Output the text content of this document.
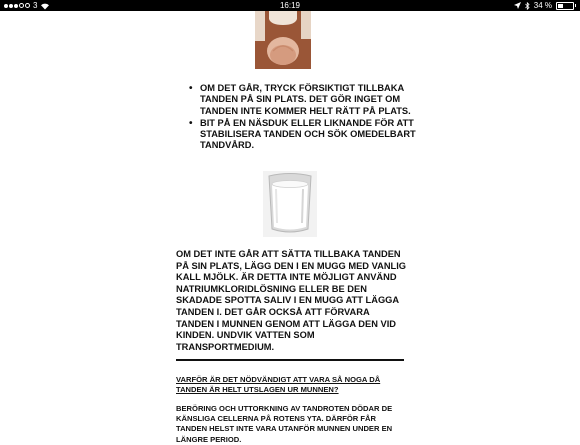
3	16:19	34 %
• OM DET GÅR, TRYCK FÖRSIKTIGT TILLBAKA TANDEN PÅ SIN PLATS. DET GÖR INGET OM TANDEN INTE KOMMER HELT RÄTT PÅ PLATS.
• BIT PÅ EN NÄSDUK ELLER LIKNANDE FÖR ATT STABILISERA TANDEN OCH SÖK OMEDELBART TANDVÅRD.
OM DET INTE GÅR ATT SÄTTA TILLBAKA TANDEN PÅ SIN PLATS, LÄGG DEN I EN MUGG MED VANLIG KALL MJÖLK. ÄR DETTA INTE MÖJLIGT ANVÄND NATRIUMKLORIDLÖSNING ELLER BE DEN SKADADE SPOTTA SALIV I EN MUGG ATT LÄGGA TANDEN I. DET GÅR OCKSÅ ATT FÖRVARA TANDEN I MUNNEN GENOM ATT LÄGGA DEN VID KINDEN. UNDVIK VATTEN SOM TRANSPORTMEDIUM.
VARFÖR ÄR DET NÖDVÄNDIGT ATT VARA SÅ NOGA DÅ TANDEN ÄR HELT UTSLAGEN UR MUNNEN?
BERÖRING OCH UTTORKNING AV TANDROTEN DÖDAR DE KÄNSLIGA CELLERNA PÅ ROTENS YTA. DÄRFÖR FÅR TANDEN HELST INTE VARA UTANFÖR MUNNEN UNDER EN LÄNGRE PERIOD.
